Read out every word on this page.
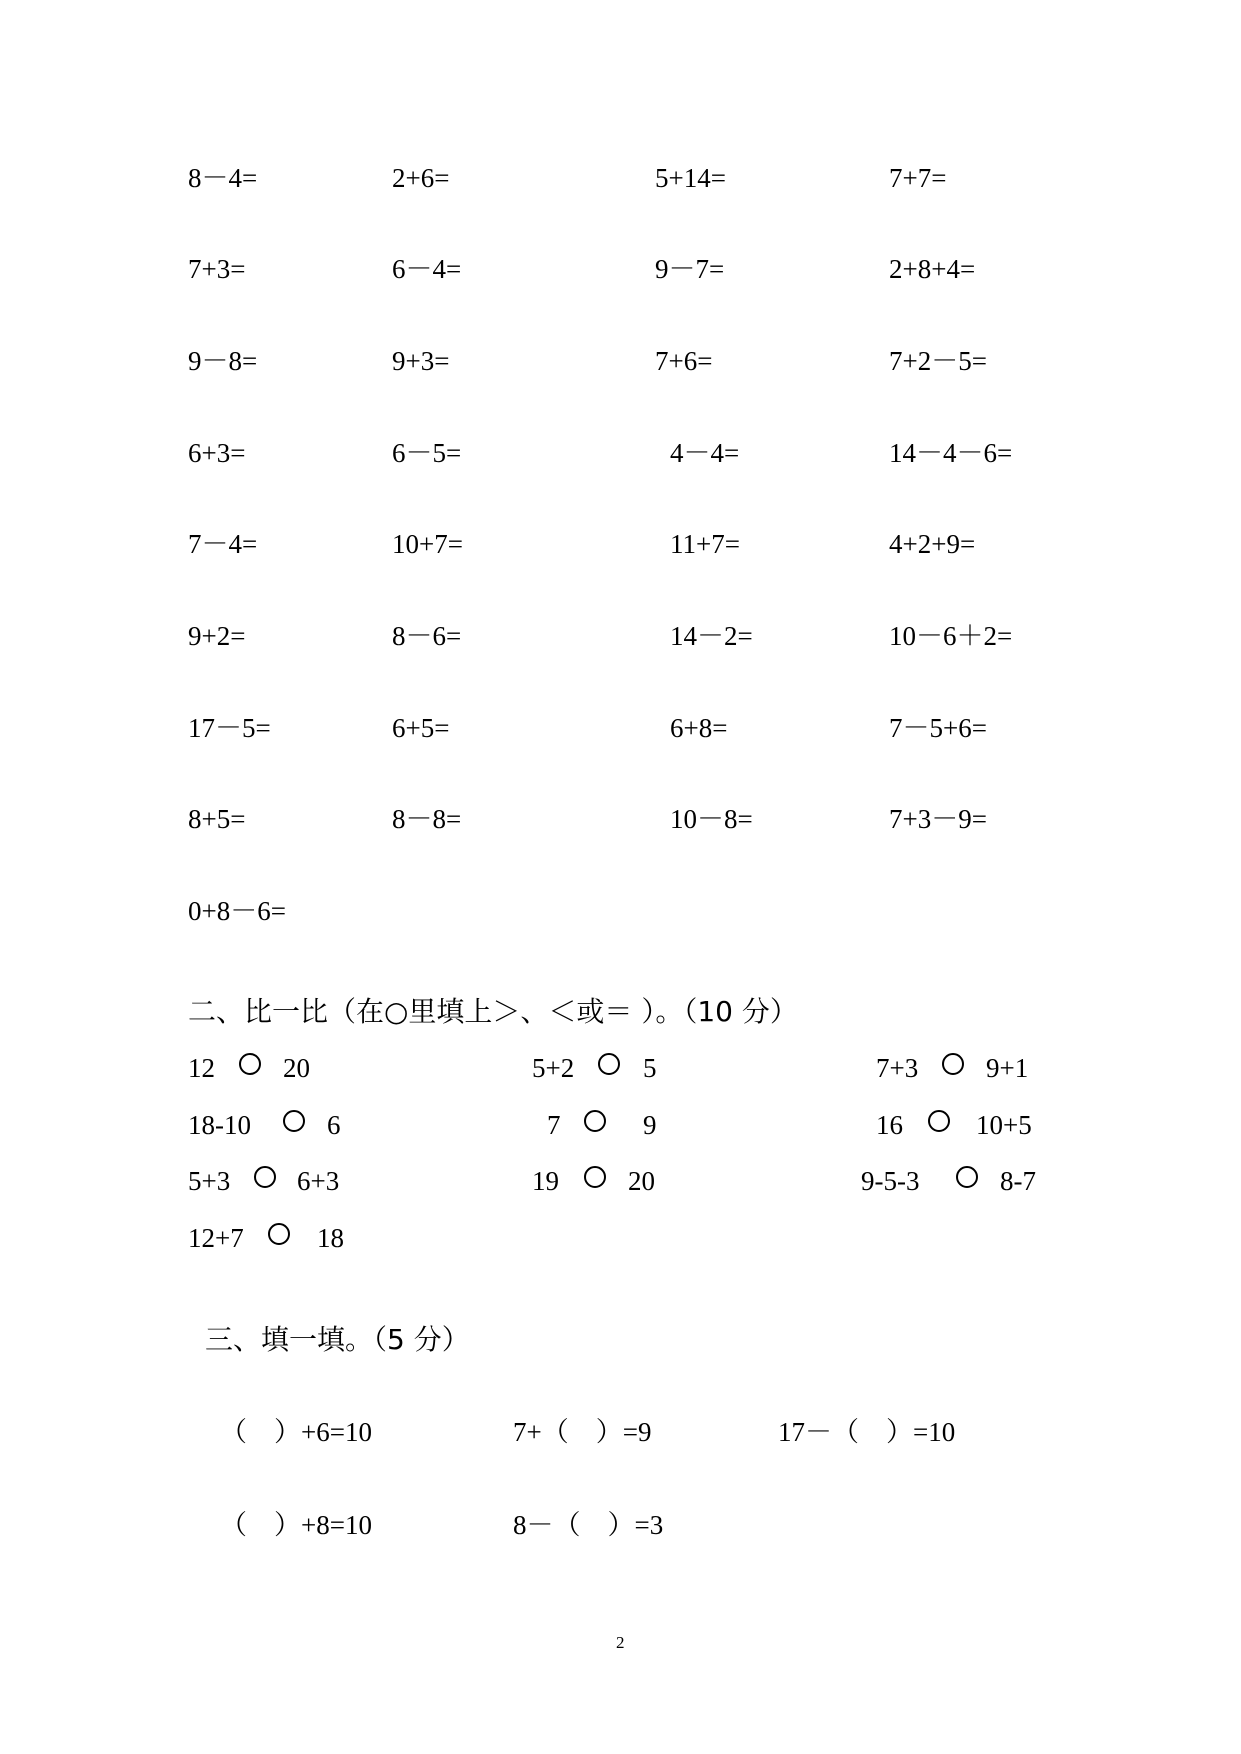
8－4=	2+6=	5+14=	7+7=
7+3=	6－4=	9－7=	2+8+4=
9－8=	9+3=	7+6=	7+2－5=
6+3=	6－5=	4－4=	14－4－6=
7－4=	10+7=	11+7=	4+2+9=
9+2=	8－6=	14－2=	10－6＋2=
17－5=	6+5=	6+8=	7－5+6=
8+5=	8－8=	10－8=	7+3－9=
0+8－6=
二、比一比（在○里填上＞、＜或＝ ）。（10 分）
12	20	5+2	5	7+3	9+1
18-10	6	7	9	16	10+5
5+3 6+3	19	20	9-5-3	8-7
12+7	18
三、填一填。（5 分）
（　）+6=10	7+（　）=9	17－（　）=10
（　）+8=10	8－（　）=3
2
